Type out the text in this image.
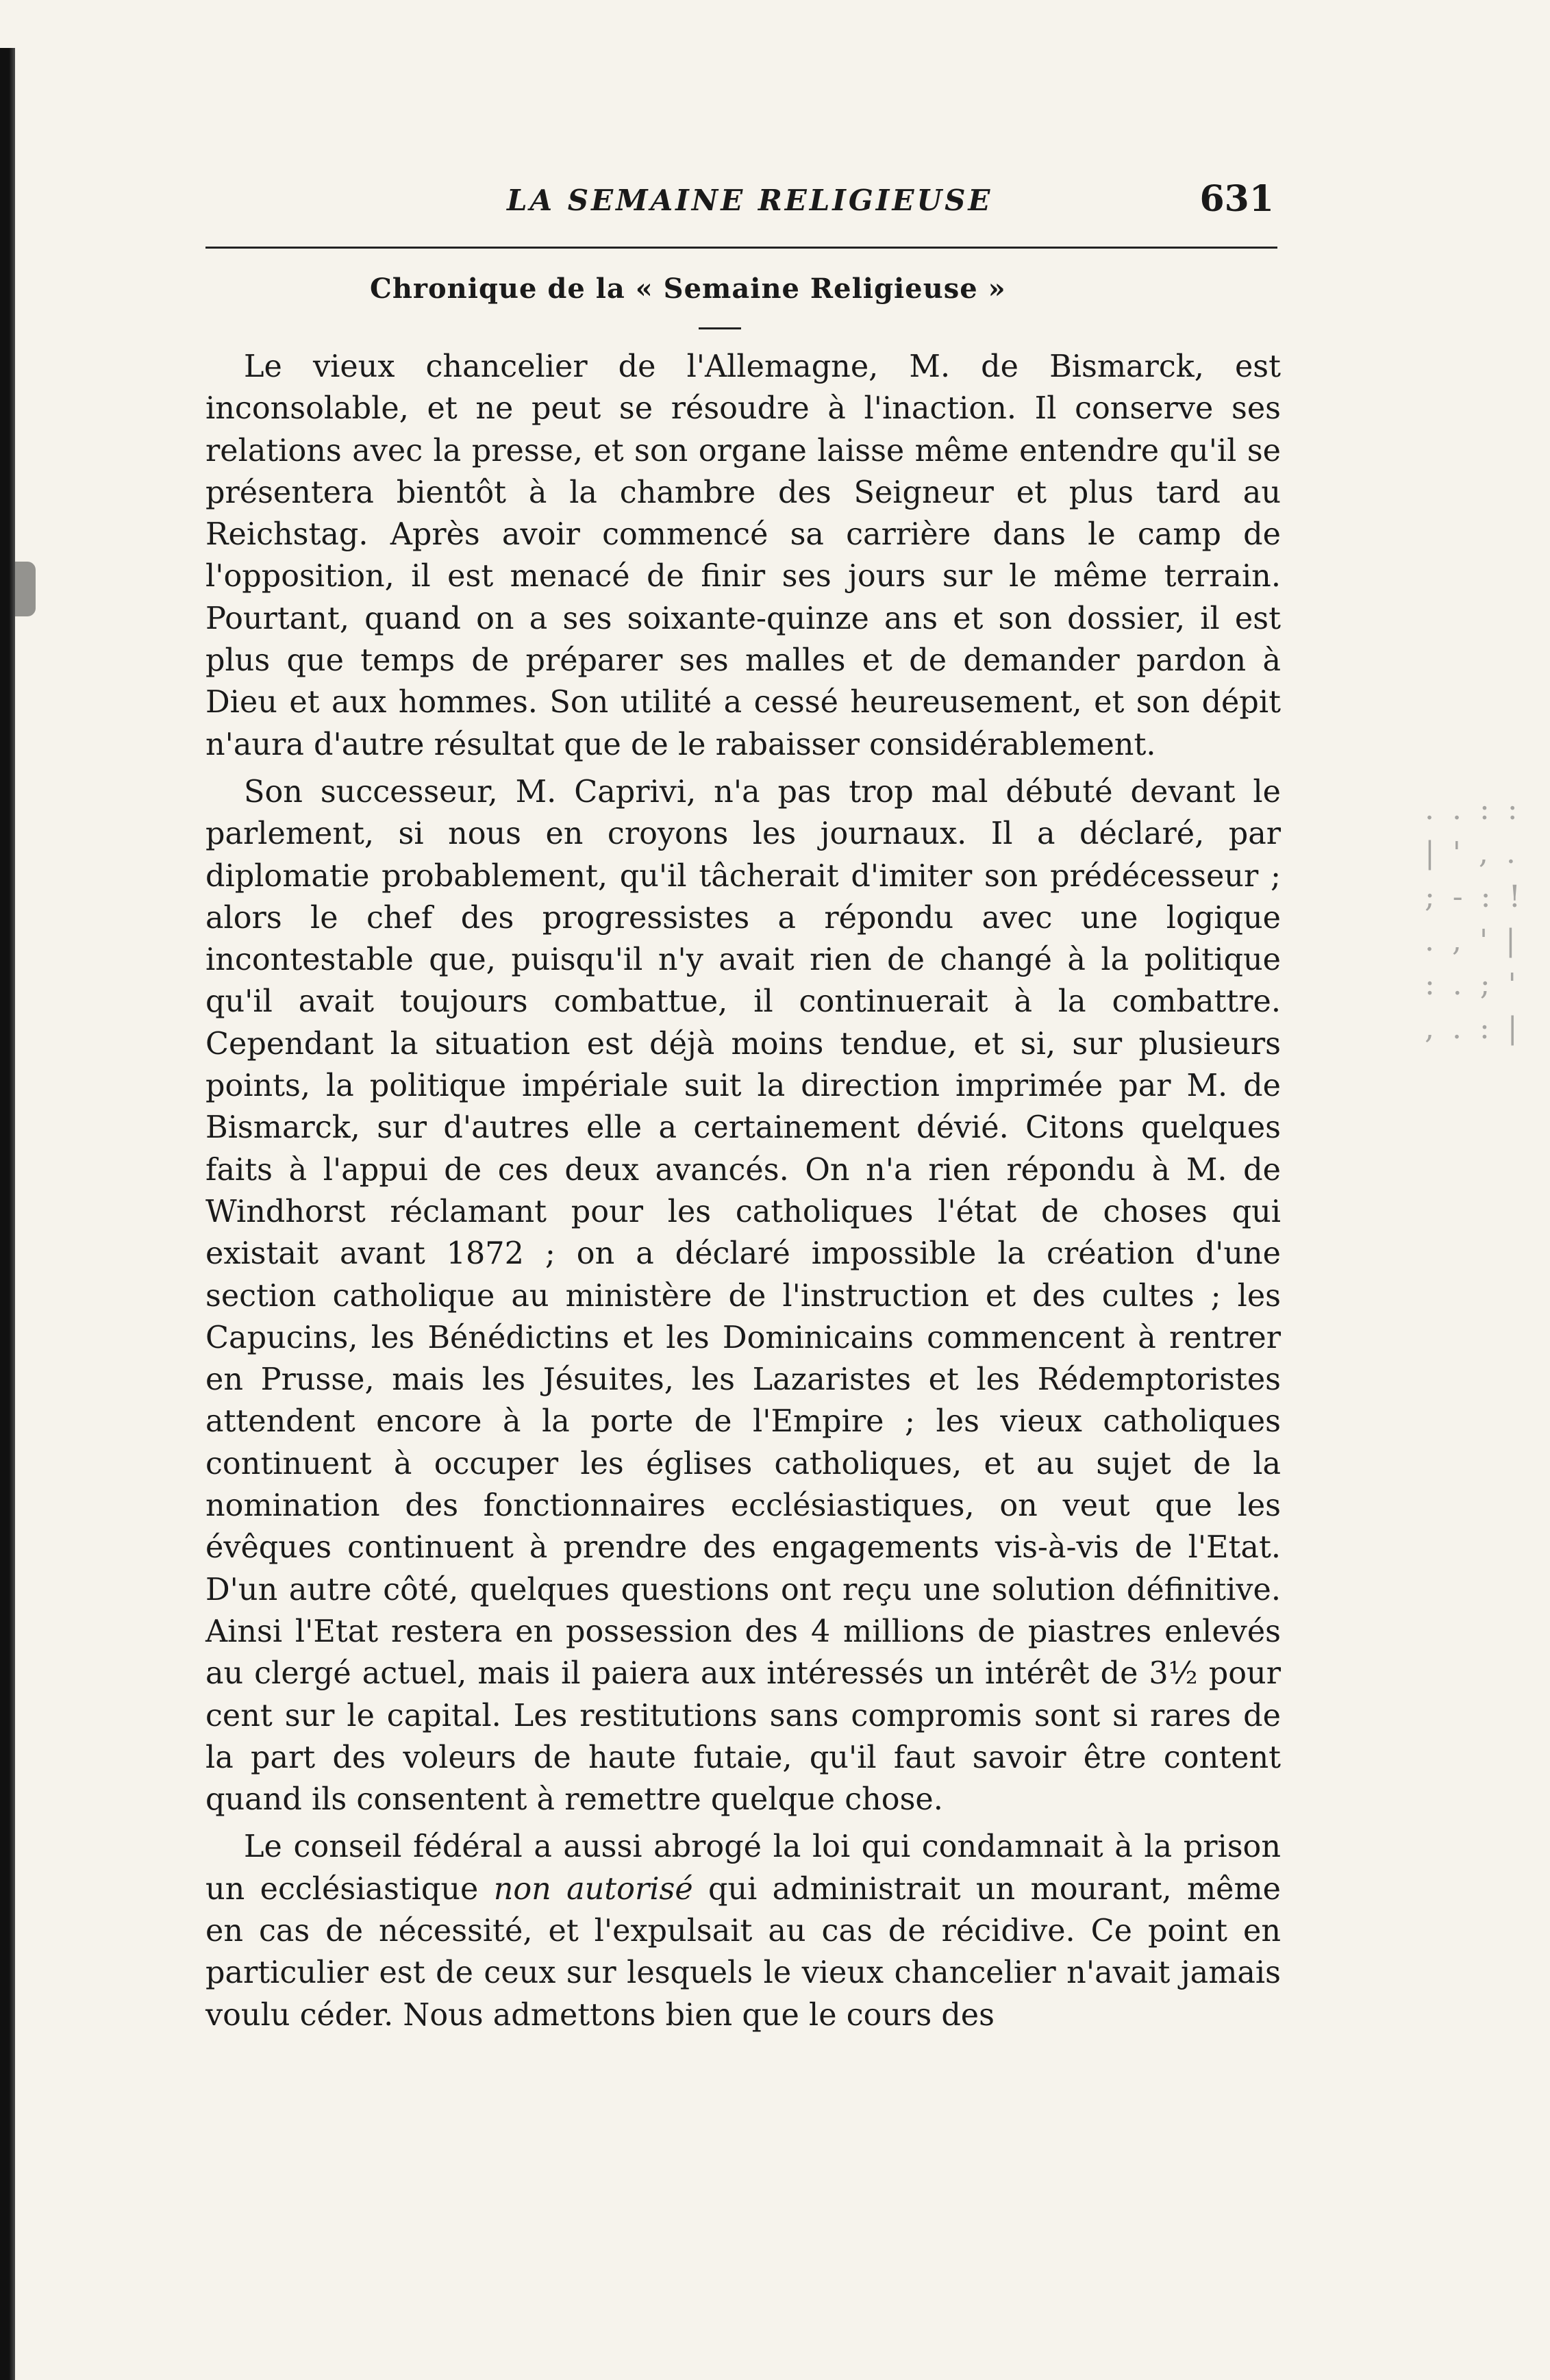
LA SEMAINE RELIGIEUSE	631
Chronique de la « Semaine Religieuse »

Le vieux chancelier de l'Allemagne, M. de Bismarck, est inconsolable, et ne peut se résoudre à l'inaction. Il conserve ses relations avec la presse, et son organe laisse même entendre qu'il se présentera bientôt à la chambre des Seigneur et plus tard au Reichstag. Après avoir commencé sa carrière dans le camp de l'opposition, il est menacé de finir ses jours sur le même terrain. Pourtant, quand on a ses soixante-quinze ans et son dossier, il est plus que temps de préparer ses malles et de demander pardon à Dieu et aux hommes. Son utilité a cessé heureusement, et son dépit n'aura d'autre résultat que de le rabaisser considérablement.

Son successeur, M. Caprivi, n'a pas trop mal débuté devant le parlement, si nous en croyons les journaux. Il a déclaré, par diplomatie probablement, qu'il tâcherait d'imiter son prédécesseur ; alors le chef des progressistes a répondu avec une logique incontestable que, puisqu'il n'y avait rien de changé à la politique qu'il avait toujours combattue, il continuerait à la combattre. Cependant la situation est déjà moins tendue, et si, sur plusieurs points, la politique impériale suit la direction imprimée par M. de Bismarck, sur d'autres elle a certainement dévié. Citons quelques faits à l'appui de ces deux avancés. On n'a rien répondu à M. de Windhorst réclamant pour les catholiques l'état de choses qui existait avant 1872 ; on a déclaré impossible la création d'une section catholique au ministère de l'instruction et des cultes ; les Capucins, les Bénédictins et les Dominicains commencent à rentrer en Prusse, mais les Jésuites, les Lazaristes et les Rédemptoristes attendent encore à la porte de l'Empire ; les vieux catholiques continuent à occuper les églises catholiques, et au sujet de la nomination des fonctionnaires ecclésiastiques, on veut que les évêques continuent à prendre des engagements vis-à-vis de l'Etat. D'un autre côté, quelques questions ont reçu une solution définitive. Ainsi l'Etat restera en possession des 4 millions de piastres enlevés au clergé actuel, mais il paiera aux intéressés un intérêt de 3½ pour cent sur le capital. Les restitutions sans compromis sont si rares de la part des voleurs de haute futaie, qu'il faut savoir être content quand ils consentent à remettre quelque chose.

Le conseil fédéral a aussi abrogé la loi qui condamnait à la prison un ecclésiastique non autorisé qui administrait un mourant, même en cas de nécessité, et l'expulsait au cas de récidive. Ce point en particulier est de ceux sur lesquels le vieux chancelier n'avait jamais voulu céder. Nous admettons bien que le cours des

. . : : | ' , . ; - : ! . , ' | : . ; ' , . : |
